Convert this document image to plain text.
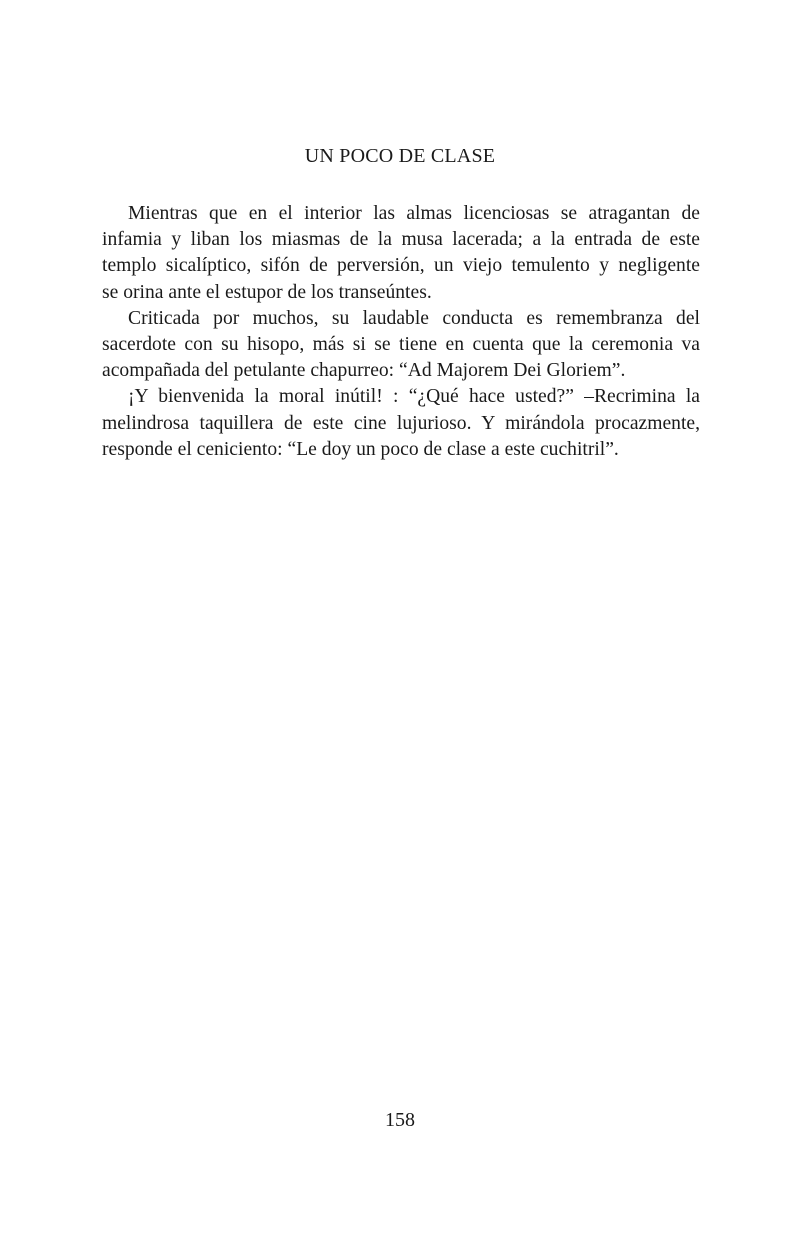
UN POCO DE CLASE

Mientras que en el interior las almas licenciosas se atragantan de
infamia y liban los miasmas de la musa lacerada; a la entrada de este
templo sicalíptico, sifón de perversión, un viejo temulento y negligente
se orina ante el estupor de los transeúntes.

Criticada por muchos, su laudable conducta es remembranza del
sacerdote con su hisopo, más si se tiene en cuenta que la ceremonia va
acompañada del petulante chapurreo: “Ad Majorem Dei Gloriem”.

¡Y bienvenida la moral inútil! : “¿Qué hace usted?” –Recrimina la
melindrosa taquillera de este cine lujurioso. Y mirándola procazmente,
responde el ceniciento: “Le doy un poco de clase a este cuchitril”.

158
